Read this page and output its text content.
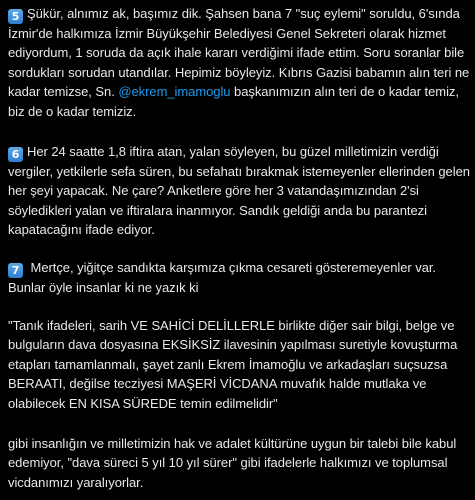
5 Şükür, alnımız ak, başımız dik. Şahsen bana 7 "suç eylemi" soruldu, 6'sında İzmir'de halkımıza İzmir Büyükşehir Belediyesi Genel Sekreteri olarak hizmet ediyordum, 1 soruda da açık ihale kararı verdiğimi ifade ettim. Soru soranlar bile sordukları sorudan utandılar. Hepimiz böyleyiz. Kıbrıs Gazisi babamın alın teri ne kadar temizse, Sn. @ekrem_imamoglu başkanımızın alın teri de o kadar temiz, biz de o kadar temiziz.

6 Her 24 saatte 1,8 iftira atan, yalan söyleyen, bu güzel milletimizin verdiği vergiler, yetkilerle sefa süren, bu sefahatı bırakmak istemeyenler ellerinden gelen her şeyi yapacak. Ne çare? Anketlere göre her 3 vatandaşımızından 2'si söyledikleri yalan ve iftiralara inanmıyor. Sandık geldiği anda bu parantezi kapatacağını ifade ediyor.

7 Mertçe, yiğitçe sandıkta karşımıza çıkma cesareti gösteremeyenler var. Bunlar öyle insanlar ki ne yazık ki

"Tanık ifadeleri, sarih VE SAHİCİ DELİLLERLE birlikte diğer sair bilgi, belge ve bulguların dava dosyasına EKSİKSİZ ilavesinin yapılması suretiyle kovuşturma etapları tamamlanmalı, şayet zanlı Ekrem İmamoğlu ve arkadaşları suçsuzsa BERAATI, değilse tecziyesi MAŞERİ VİCDANA muvafık halde mutlaka ve olabilecek EN KISA SÜREDE temin edilmelidir"

gibi insanlığın ve milletimizin hak ve adalet kültürüne uygun bir talebi bile kabul edemiyor, "dava süreci 5 yıl 10 yıl sürer" gibi ifadelerle halkımızı ve toplumsal vicdanımızı yaralıyorlar.
